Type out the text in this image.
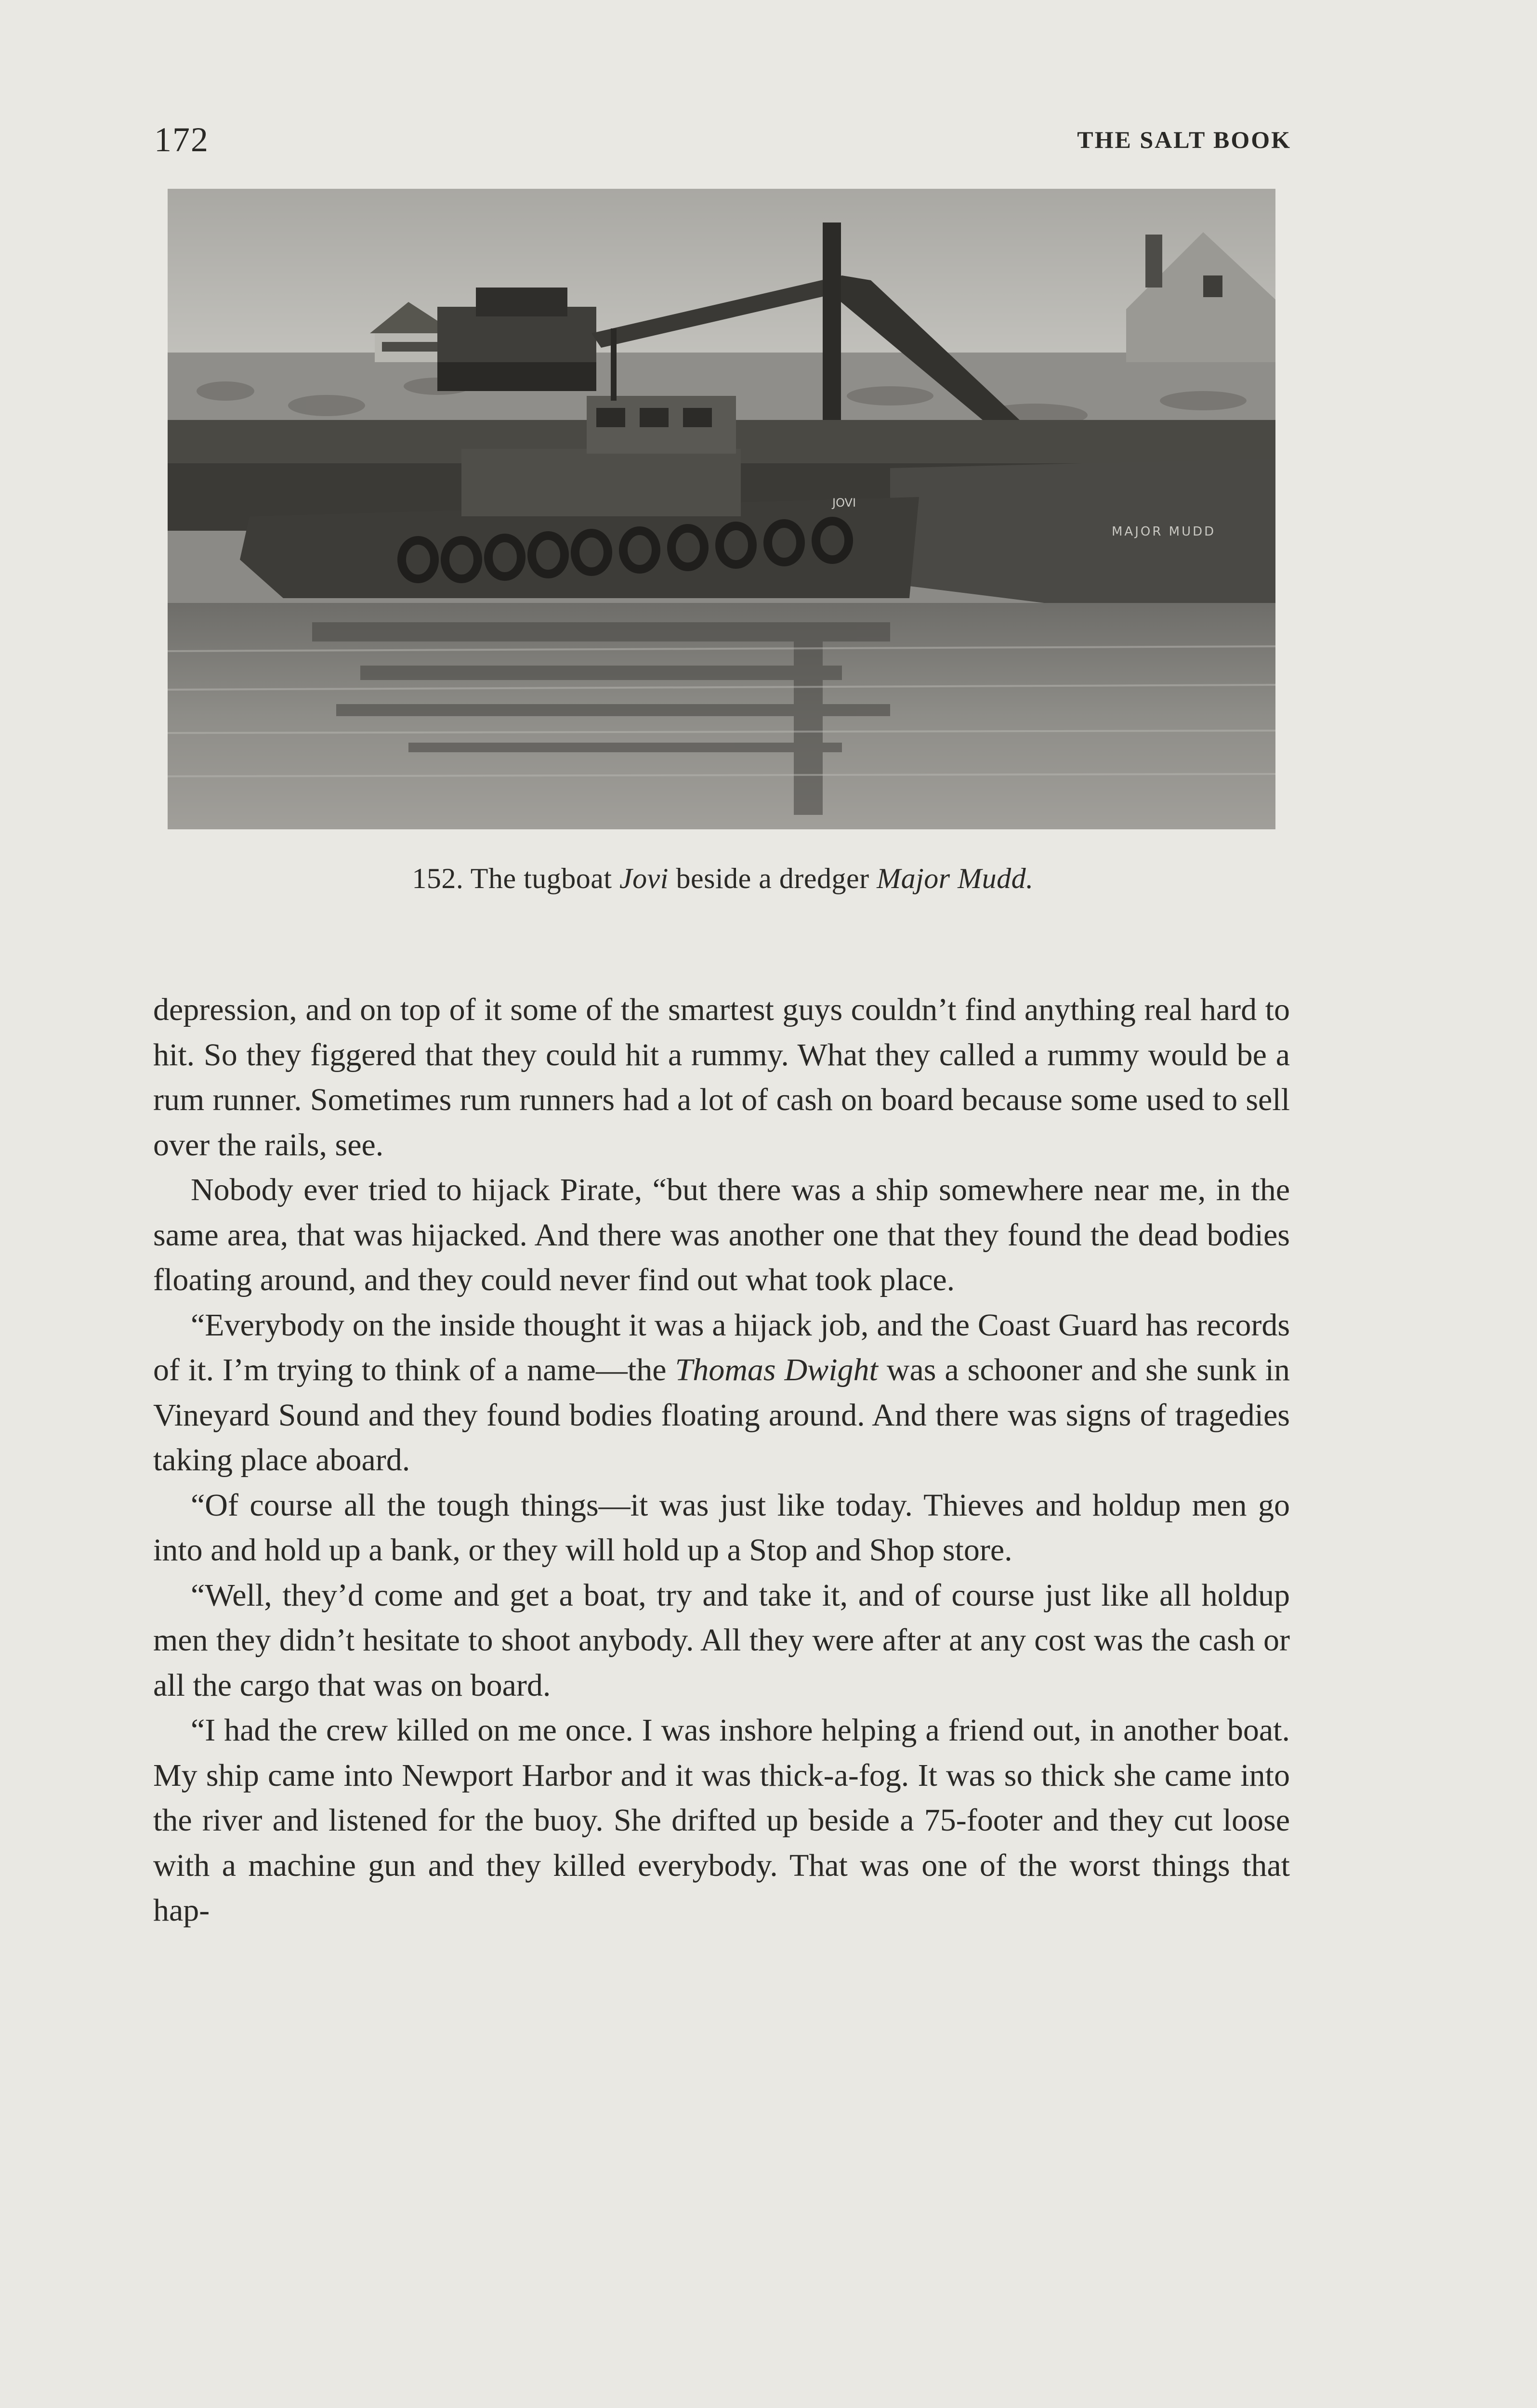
172	THE SALT BOOK
MAJOR MUDD
JOVI
152. The tugboat Jovi beside a dredger Major Mudd.

depression, and on top of it some of the smartest guys couldn’t find anything real hard to hit. So they figgered that they could hit a rummy. What they called a rummy would be a rum runner. Sometimes rum runners had a lot of cash on board because some used to sell over the rails, see.

Nobody ever tried to hijack Pirate, “but there was a ship somewhere near me, in the same area, that was hijacked. And there was another one that they found the dead bodies floating around, and they could never find out what took place.

“Everybody on the inside thought it was a hijack job, and the Coast Guard has records of it. I’m trying to think of a name—the Thomas Dwight was a schooner and she sunk in Vineyard Sound and they found bodies floating around. And there was signs of tragedies taking place aboard.

“Of course all the tough things—it was just like today. Thieves and holdup men go into and hold up a bank, or they will hold up a Stop and Shop store.

“Well, they’d come and get a boat, try and take it, and of course just like all holdup men they didn’t hesitate to shoot anybody. All they were after at any cost was the cash or all the cargo that was on board.

“I had the crew killed on me once. I was inshore helping a friend out, in another boat. My ship came into Newport Harbor and it was thick-a-fog. It was so thick she came into the river and listened for the buoy. She drifted up beside a 75-footer and they cut loose with a machine gun and they killed everybody. That was one of the worst things that hap-
